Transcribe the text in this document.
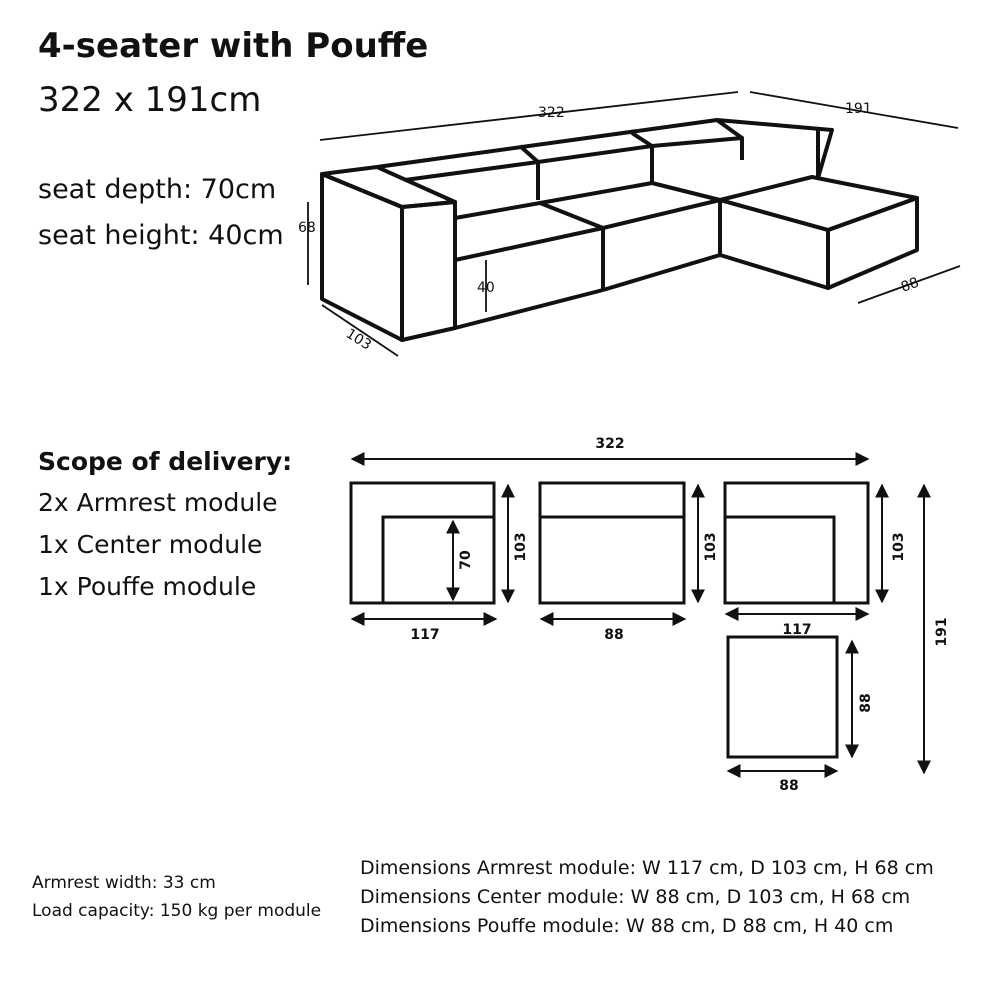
4-seater with Pouffe
322 x 191cm
seat depth: 70cm
seat height: 40cm
322	191
68
103
40	88
322
70	103
117
103
88
103
117
88
88
191
Scope of delivery:
2x Armrest module
1x Center module
1x Pouffe module
Armrest width: 33 cm
Load capacity: 150 kg per module
Dimensions Armrest module: W 117 cm, D 103 cm, H 68 cm
Dimensions Center module: W 88 cm, D 103 cm, H 68 cm
Dimensions Pouffe module: W 88 cm, D 88 cm, H 40 cm
